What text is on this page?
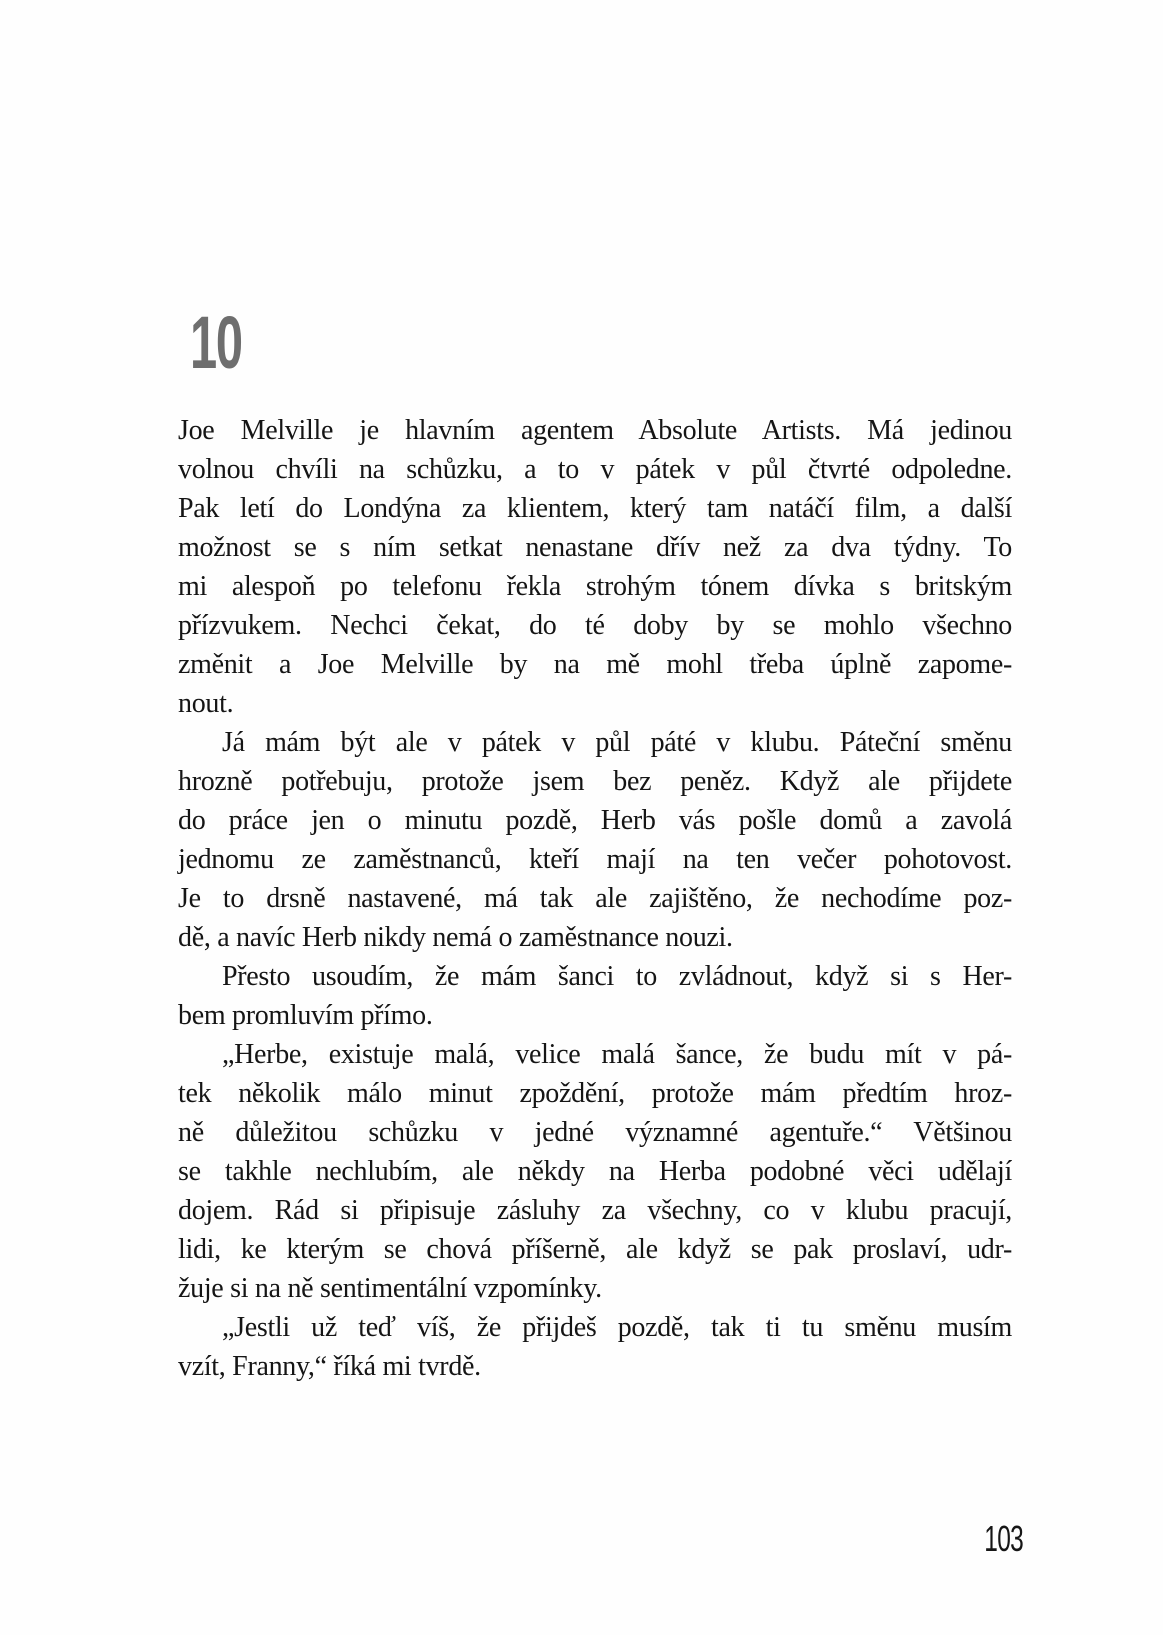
10
Joe Melville je hlavním agentem Absolute Artists. Má jedinou
volnou chvíli na schůzku, a to v pátek v půl čtvrté odpoledne.
Pak letí do Londýna za klientem, který tam natáčí film, a další
možnost se s ním setkat nenastane dřív než za dva týdny. To
mi alespoň po telefonu řekla strohým tónem dívka s britským
přízvukem. Nechci čekat, do té doby by se mohlo všechno
změnit a Joe Melville by na mě mohl třeba úplně zapome-
nout.
Já mám být ale v pátek v půl páté v klubu. Páteční směnu
hrozně potřebuju, protože jsem bez peněz. Když ale přijdete
do práce jen o minutu pozdě, Herb vás pošle domů a zavolá
jednomu ze zaměstnanců, kteří mají na ten večer pohotovost.
Je to drsně nastavené, má tak ale zajištěno, že nechodíme poz-
dě, a navíc Herb nikdy nemá o zaměstnance nouzi.
Přesto usoudím, že mám šanci to zvládnout, když si s Her-
bem promluvím přímo.
„Herbe, existuje malá, velice malá šance, že budu mít v pá-
tek několik málo minut zpoždění, protože mám předtím hroz-
ně důležitou schůzku v jedné významné agentuře.“ Většinou
se takhle nechlubím, ale někdy na Herba podobné věci udělají
dojem. Rád si připisuje zásluhy za všechny, co v klubu pracují,
lidi, ke kterým se chová příšerně, ale když se pak proslaví, udr-
žuje si na ně sentimentální vzpomínky.
„Jestli už teď víš, že přijdeš pozdě, tak ti tu směnu musím
vzít, Franny,“ říká mi tvrdě.
103
